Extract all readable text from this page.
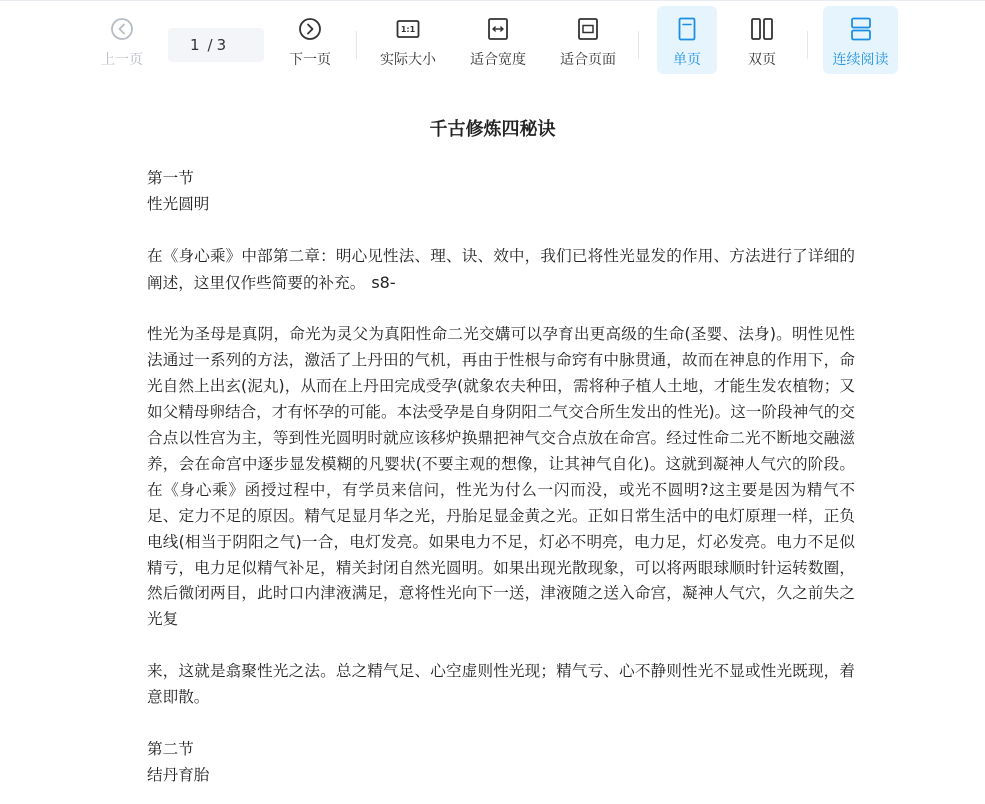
上一页
1 / 3
下一页
1:1
实际大小	适合宽度	适合页面	单页	双页	连续阅读
千古修炼四秘诀

第一节

性光圆明

在《身心乘》中部第二章：明心见性法、理、诀、效中，我们已将性光显发的作用、方法进行了详细的阐述，这里仅作些简要的补充。 s8-

性光为圣母是真阴，命光为灵父为真阳性命二光交媾可以孕育出更高级的生命(圣婴、法身)。明性见性法通过一系列的方法，激活了上丹田的气机，再由于性根与命窍有中脉贯通，故而在神息的作用下，命光自然上出玄(泥丸)，从而在上丹田完成受孕(就象农夫种田，需将种子植人土地，才能生发农植物；又如父精母卵结合，才有怀孕的可能。本法受孕是自身阴阳二气交合所生发出的性光)。这一阶段神气的交合点以性宫为主，等到性光圆明时就应该移炉换鼎把神气交合点放在命宫。经过性命二光不断地交融滋养，会在命宫中逐步显发模糊的凡婴状(不要主观的想像，让其神气自化)。这就到凝神人气穴的阶段。在《身心乘》函授过程中，有学员来信问，性光为付么一闪而没，或光不圆明?这主要是因为精气不足、定力不足的原因。精气足显月华之光，丹胎足显金黄之光。正如日常生活中的电灯原理一样，正负电线(相当于阴阳之气)一合，电灯发亮。如果电力不足，灯必不明亮，电力足，灯必发亮。电力不足似精亏，电力足似精气补足，精关封闭自然光圆明。如果出现光散现象，可以将两眼球顺时针运转数圈，然后微闭两目，此时口内津液满足，意将性光向下一送，津液随之送入命宫，凝神人气穴，久之前失之光复

来，这就是翕聚性光之法。总之精气足、心空虚则性光现；精气亏、心不静则性光不显或性光既现，着意即散。

第二节

结丹育胎
